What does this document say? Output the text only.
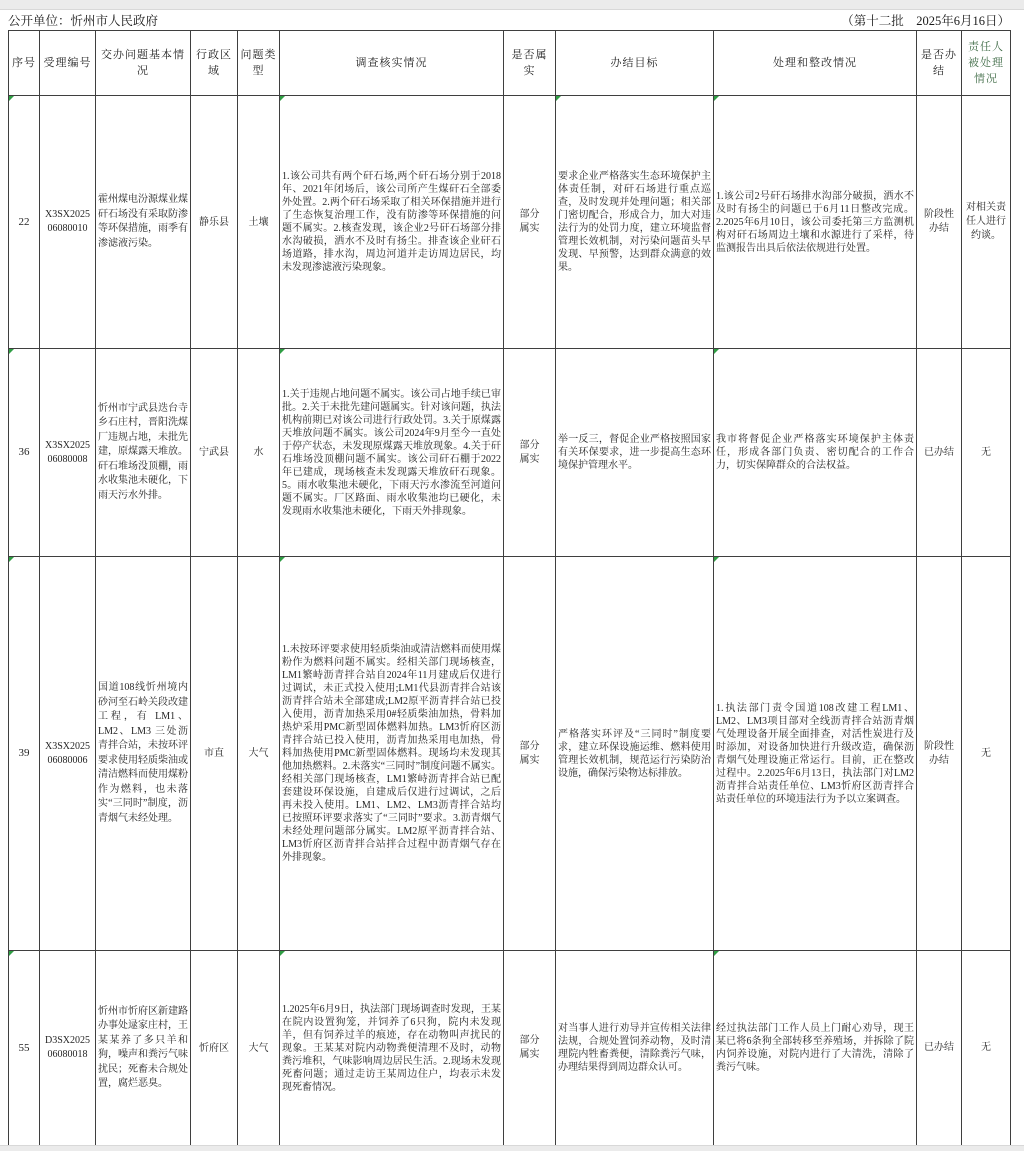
公开单位：忻州市人民政府	（第十二批　2025年6月16日）
序号	受理编号	交办问题基本情况	行政区域	问题类型	调查核实情况	是否属实	办结目标	处理和整改情况	是否办结	责任人被处理情况

22	X3SX202506080010	霍州煤电汾源煤业煤矸石场没有采取防渗等环保措施，雨季有渗滤液污染。	静乐县	土壤	1.该公司共有两个矸石场,两个矸石场分别于2018年、2021年闭场后，该公司所产生煤矸石全部委外处置。2.两个矸石场采取了相关环保措施并进行了生态恢复治理工作，没有防渗等环保措施的问题不属实。2.核查发现，该企业2号矸石场部分排水沟破损，洒水不及时有扬尘。排查该企业矸石场道路，排水沟，周边河道并走访周边居民，均未发现渗滤液污染现象。	部分属实	要求企业严格落实生态环境保护主体责任制，对矸石场进行重点巡查，及时发现并处理问题；相关部门密切配合，形成合力，加大对违法行为的处罚力度，建立环境监督管理长效机制，对污染问题苗头早发现、早预警，达到群众满意的效果。	1.该公司2号矸石场排水沟部分破损，洒水不及时有扬尘的问题已于6月11日整改完成。2.2025年6月10日，该公司委托第三方监测机构对矸石场周边土壤和水源进行了采样，待监测报告出具后依法依规进行处置。	阶段性办结	对相关责任人进行约谈。

36	X3SX202506080008	忻州市宁武县迭台寺乡石庄村，晋阳洗煤厂违规占地，未批先建，原煤露天堆放。矸石堆场没顶棚，雨水收集池未硬化，下雨天污水外排。	宁武县	水	1.关于违规占地问题不属实。该公司占地手续已审批。2.关于未批先建问题属实。针对该问题，执法机构前期已对该公司进行行政处罚。3.关于原煤露天堆放问题不属实。该公司2024年9月至今一直处于停产状态，未发现原煤露天堆放现象。4.关于矸石堆场没顶棚问题不属实。该公司矸石棚于2022年已建成，现场核查未发现露天堆放矸石现象。5。雨水收集池未硬化，下雨天污水渗流至河道问题不属实。厂区路面、雨水收集池均已硬化，未发现雨水收集池未硬化，下雨天外排现象。	部分属实	举一反三，督促企业严格按照国家有关环保要求，进一步提高生态环境保护管理水平。	我市将督促企业严格落实环境保护主体责任，形成各部门负责、密切配合的工作合力，切实保障群众的合法权益。	已办结	无

39	X3SX202506080006	国道108线忻州境内砂河至石岭关段改建工程，有 LM1、LM2、LM3 三处沥青拌合站，未按环评要求使用轻质柴油或清洁燃料而使用煤粉作为燃料，也未落实“三同时”制度，沥青烟气未经处理。	市直	大气	1.未按环评要求使用轻质柴油或清洁燃料而使用煤粉作为燃料问题不属实。经相关部门现场核查，LM1繁峙沥青拌合站自2024年11月建成后仅进行过调试，未正式投入使用;LM1代县沥青拌合站该沥青拌合站未全部建成;LM2原平沥青拌合站已投入使用，沥青加热采用0#轻质柴油加热，骨料加热炉采用PMC新型固体燃料加热。LM3忻府区沥青拌合站已投入使用，沥青加热采用电加热，骨料加热使用PMC新型固体燃料。现场均未发现其他加热燃料。2.未落实“三同时”制度问题不属实。经相关部门现场核查，LM1繁峙沥青拌合站已配套建设环保设施，自建成后仅进行过调试，之后再未投入使用。LM1、LM2、LM3沥青拌合站均已按照环评要求落实了“三同时”要求。3.沥青烟气未经处理问题部分属实。LM2原平沥青拌合站、LM3忻府区沥青拌合站拌合过程中沥青烟气存在外排现象。	部分属实	严格落实环评及“三同时”制度要求，建立环保设施运维、燃料使用管理长效机制，规范运行污染防治设施，确保污染物达标排放。	1.执法部门责令国道108改建工程LM1、LM2、LM3项目部对全线沥青拌合站沥青烟气处理设备开展全面排查，对活性炭进行及时添加，对设备加快进行升级改造，确保沥青烟气处理设施正常运行。目前，正在整改过程中。2.2025年6月13日，执法部门对LM2沥青拌合站责任单位、LM3忻府区沥青拌合站责任单位的环境违法行为予以立案调查。	阶段性办结	无

55	D3SX202506080018	忻州市忻府区新建路办事处逯家庄村，王某某养了多只羊和狗，噪声和粪污气味扰民；死畜未合规处置，腐烂恶臭。	忻府区	大气	1.2025年6月9日，执法部门现场调查时发现，王某在院内设置狗笼，并饲养了6只狗，院内未发现羊，但有饲养过羊的痕迹，存在动物叫声扰民的现象。王某某对院内动物粪便清理不及时，动物粪污堆积，气味影响周边居民生活。2.现场未发现死畜问题；通过走访王某周边住户，均表示未发现死畜情况。	部分属实	对当事人进行劝导并宣传相关法律法规，合规处置饲养动物，及时清理院内牲畜粪便，清除粪污气味，办理结果得到周边群众认可。	经过执法部门工作人员上门耐心劝导，现王某已将6条狗全部转移至养殖场，并拆除了院内饲养设施，对院内进行了大清洗，清除了粪污气味。	已办结	无
